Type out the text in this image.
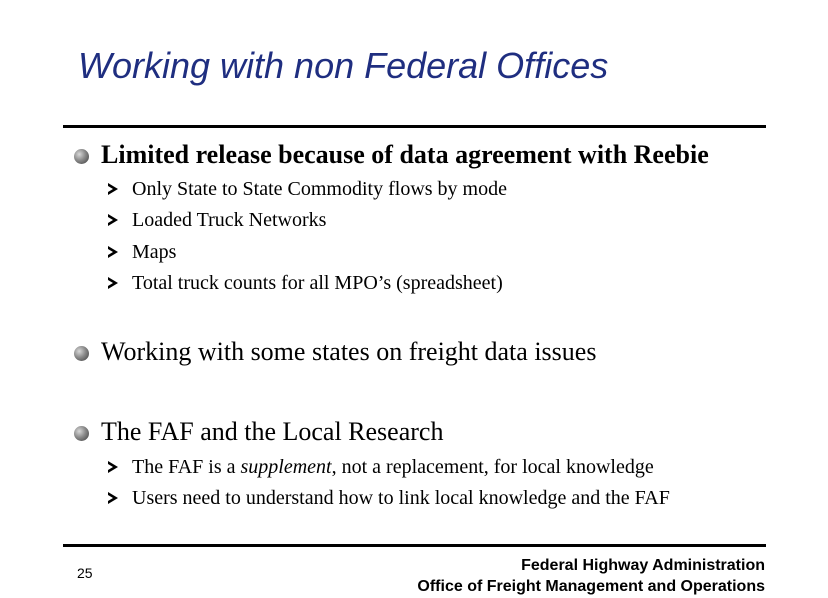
Working with non Federal Offices
Limited release because of data agreement with Reebie
Only State to State Commodity flows by mode
Loaded Truck Networks
Maps
Total truck counts for all MPO’s (spreadsheet)
Working with some states on freight data issues
The FAF and the Local Research
The FAF is a supplement, not a replacement, for local knowledge
Users need to understand how to link local knowledge and the FAF
25	Federal Highway Administration
Office of Freight Management and Operations
